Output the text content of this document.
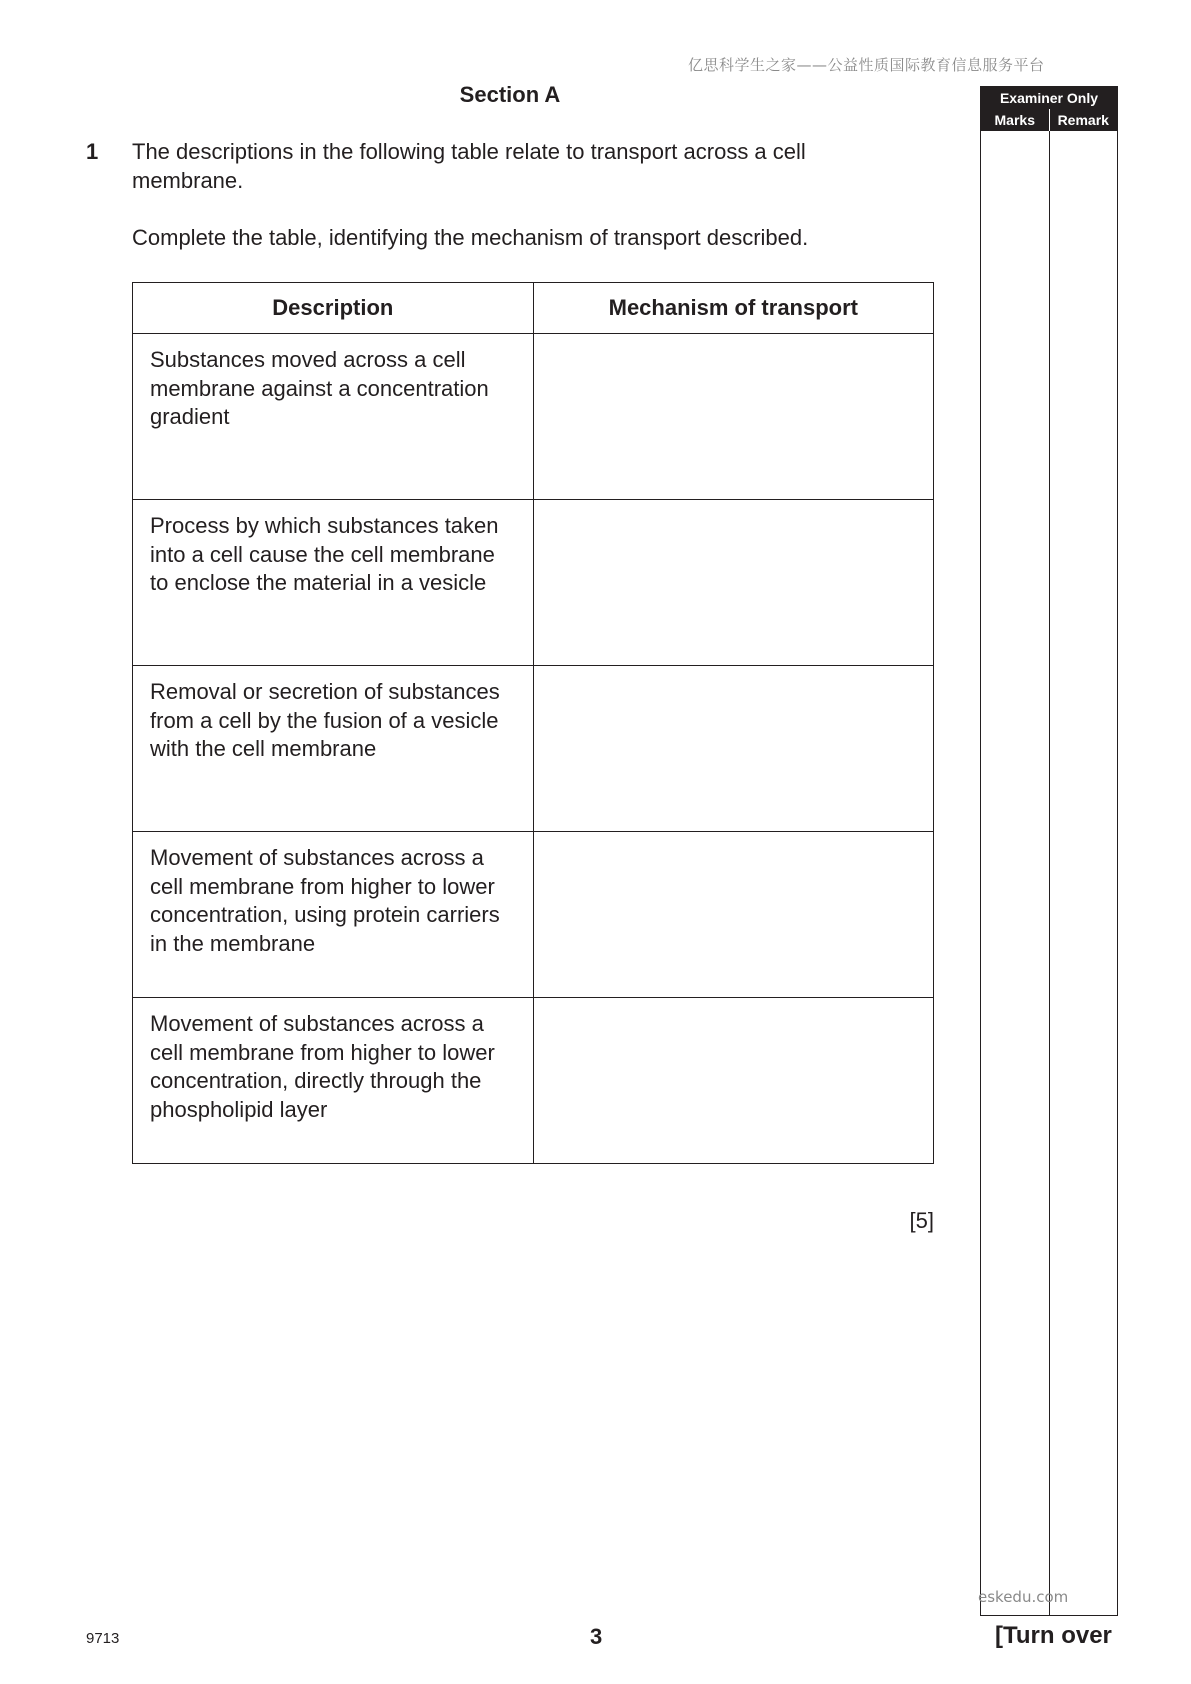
亿思科学生之家——公益性质国际教育信息服务平台
Section A
1 The descriptions in the following table relate to transport across a cell membrane.
Complete the table, identifying the mechanism of transport described.
Description	Mechanism of transport
Substances moved across a cell membrane against a concentration gradient	
Process by which substances taken into a cell cause the cell membrane to enclose the material in a vesicle	
Removal or secretion of substances from a cell by the fusion of a vesicle with the cell membrane	
Movement of substances across a cell membrane from higher to lower concentration, using protein carriers in the membrane	
Movement of substances across a cell membrane from higher to lower concentration, directly through the phospholipid layer	
[5]
Examiner Only
Marks	Remark
eskedu.com
9713	3	[Turn over
